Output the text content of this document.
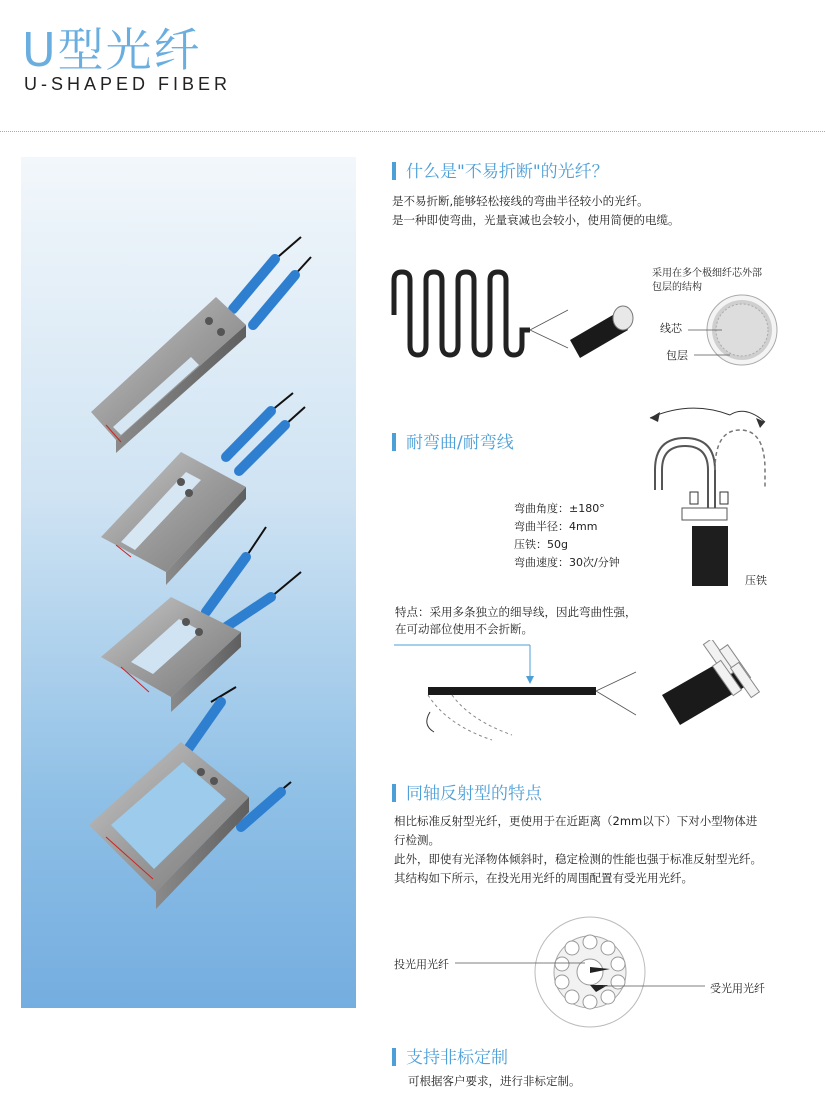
U型光纤
U-SHAPED FIBER
什么是"不易折断"的光纤？
是不易折断,能够轻松接线的弯曲半径较小的光纤。
是一种即使弯曲，光量衰减也会较小，使用简便的电缆。
采用在多个极细纤芯外部
包层的结构
线芯
包层
耐弯曲/耐弯线
弯曲角度：±180°
弯曲半径：4mm
压铁：50g
弯曲速度：30次/分钟
压铁
特点：采用多条独立的细导线，因此弯曲性强，
在可动部位使用不会折断。
同轴反射型的特点
相比标准反射型光纤，更使用于在近距离（2mm以下）下对小型物体进
行检测。
此外，即使有光泽物体倾斜时，稳定检测的性能也强于标准反射型光纤。
其结构如下所示，在投光用光纤的周围配置有受光用光纤。
投光用光纤
受光用光纤
支持非标定制
可根据客户要求，进行非标定制。
